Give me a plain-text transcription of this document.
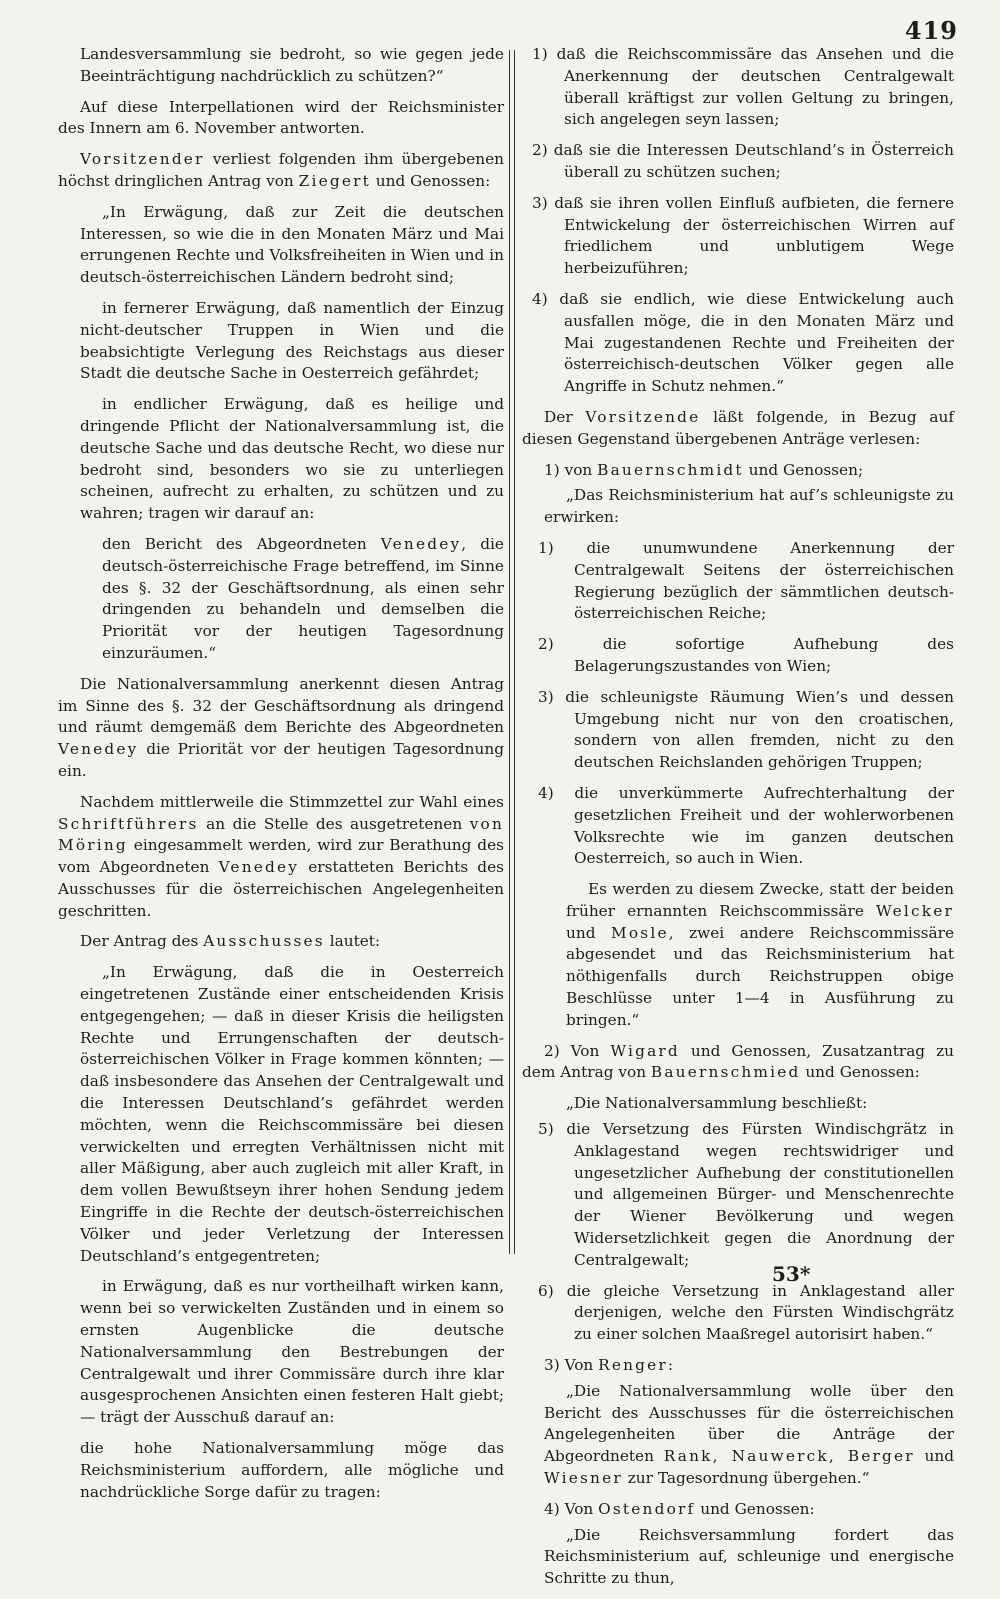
419

Landesversammlung sie bedroht, so wie gegen jede Beeinträchtigung nachdrücklich zu schützen?“

Auf diese Interpellationen wird der Reichsminister des Innern am 6. November antworten.

Vorsitzender verliest folgenden ihm übergebenen höchst dringlichen Antrag von Ziegert und Genossen:

„In Erwägung, daß zur Zeit die deutschen Interessen, so wie die in den Monaten März und Mai errungenen Rechte und Volksfreiheiten in Wien und in deutsch-österreichischen Ländern bedroht sind;

in fernerer Erwägung, daß namentlich der Einzug nicht-deutscher Truppen in Wien und die beabsichtigte Verlegung des Reichstags aus dieser Stadt die deutsche Sache in Oesterreich gefährdet;

in endlicher Erwägung, daß es heilige und dringende Pflicht der Nationalversammlung ist, die deutsche Sache und das deutsche Recht, wo diese nur bedroht sind, besonders wo sie zu unterliegen scheinen, aufrecht zu erhalten, zu schützen und zu wahren; tragen wir darauf an:

den Bericht des Abgeordneten Venedey, die deutsch-österreichische Frage betreffend, im Sinne des §. 32 der Geschäftsordnung, als einen sehr dringenden zu behandeln und demselben die Priorität vor der heutigen Tagesordnung einzuräumen.“

Die Nationalversammlung anerkennt diesen Antrag im Sinne des §. 32 der Geschäftsordnung als dringend und räumt demgemäß dem Berichte des Abgeordneten Venedey die Priorität vor der heutigen Tagesordnung ein.

Nachdem mittlerweile die Stimmzettel zur Wahl eines Schriftführers an die Stelle des ausgetretenen von Möring eingesammelt werden, wird zur Berathung des vom Abgeordneten Venedey erstatteten Berichts des Ausschusses für die österreichischen Angelegenheiten geschritten.

Der Antrag des Ausschusses lautet:

„In Erwägung, daß die in Oesterreich eingetretenen Zustände einer entscheidenden Krisis entgegengehen; — daß in dieser Krisis die heiligsten Rechte und Errungenschaften der deutsch-österreichischen Völker in Frage kommen könnten; — daß insbesondere das Ansehen der Centralgewalt und die Interessen Deutschland’s gefährdet werden möchten, wenn die Reichscommissäre bei diesen verwickelten und erregten Verhältnissen nicht mit aller Mäßigung, aber auch zugleich mit aller Kraft, in dem vollen Bewußtseyn ihrer hohen Sendung jedem Eingriffe in die Rechte der deutsch-österreichischen Völker und jeder Verletzung der Interessen Deutschland’s entgegentreten;

in Erwägung, daß es nur vortheilhaft wirken kann, wenn bei so verwickelten Zuständen und in einem so ernsten Augenblicke die deutsche Nationalversammlung den Bestrebungen der Centralgewalt und ihrer Commissäre durch ihre klar ausgesprochenen Ansichten einen festeren Halt giebt; — trägt der Ausschuß darauf an:

die hohe Nationalversammlung möge das Reichsministerium auffordern, alle mögliche und nachdrückliche Sorge dafür zu tragen:

1) daß die Reichscommissäre das Ansehen und die Anerkennung der deutschen Centralgewalt überall kräftigst zur vollen Geltung zu bringen, sich angelegen seyn lassen;

2) daß sie die Interessen Deutschland’s in Österreich überall zu schützen suchen;

3) daß sie ihren vollen Einfluß aufbieten, die fernere Entwickelung der österreichischen Wirren auf friedlichem und unblutigem Wege herbeizuführen;

4) daß sie endlich, wie diese Entwickelung auch ausfallen möge, die in den Monaten März und Mai zugestandenen Rechte und Freiheiten der österreichisch-deutschen Völker gegen alle Angriffe in Schutz nehmen.“

Der Vorsitzende läßt folgende, in Bezug auf diesen Gegenstand übergebenen Anträge verlesen:

1) von Bauernschmidt und Genossen;

„Das Reichsministerium hat auf’s schleunigste zu erwirken:

1) die unumwundene Anerkennung der Centralgewalt Seitens der österreichischen Regierung bezüglich der sämmtlichen deutsch-österreichischen Reiche;

2) die sofortige Aufhebung des Belagerungszustandes von Wien;

3) die schleunigste Räumung Wien’s und dessen Umgebung nicht nur von den croatischen, sondern von allen fremden, nicht zu den deutschen Reichslanden gehörigen Truppen;

4) die unverkümmerte Aufrechterhaltung der gesetzlichen Freiheit und der wohlerworbenen Volksrechte wie im ganzen deutschen Oesterreich, so auch in Wien.

Es werden zu diesem Zwecke, statt der beiden früher ernannten Reichscommissäre Welcker und Mosle, zwei andere Reichscommissäre abgesendet und das Reichsministerium hat nöthigenfalls durch Reichstruppen obige Beschlüsse unter 1—4 in Ausführung zu bringen.“

2) Von Wigard und Genossen, Zusatzantrag zu dem Antrag von Bauernschmied und Genossen:

„Die Nationalversammlung beschließt:

5) die Versetzung des Fürsten Windischgrätz in Anklagestand wegen rechtswidriger und ungesetzlicher Aufhebung der constitutionellen und allgemeinen Bürger- und Menschenrechte der Wiener Bevölkerung und wegen Widersetzlichkeit gegen die Anordnung der Centralgewalt;

6) die gleiche Versetzung in Anklagestand aller derjenigen, welche den Fürsten Windischgrätz zu einer solchen Maaßregel autorisirt haben.“

3) Von Renger:

„Die Nationalversammlung wolle über den Bericht des Ausschusses für die österreichischen Angelegenheiten über die Anträge der Abgeordneten Rank, Nauwerck, Berger und Wiesner zur Tagesordnung übergehen.“

4) Von Ostendorf und Genossen:

„Die Reichsversammlung fordert das Reichsministerium auf, schleunige und energische Schritte zu thun,

53*
